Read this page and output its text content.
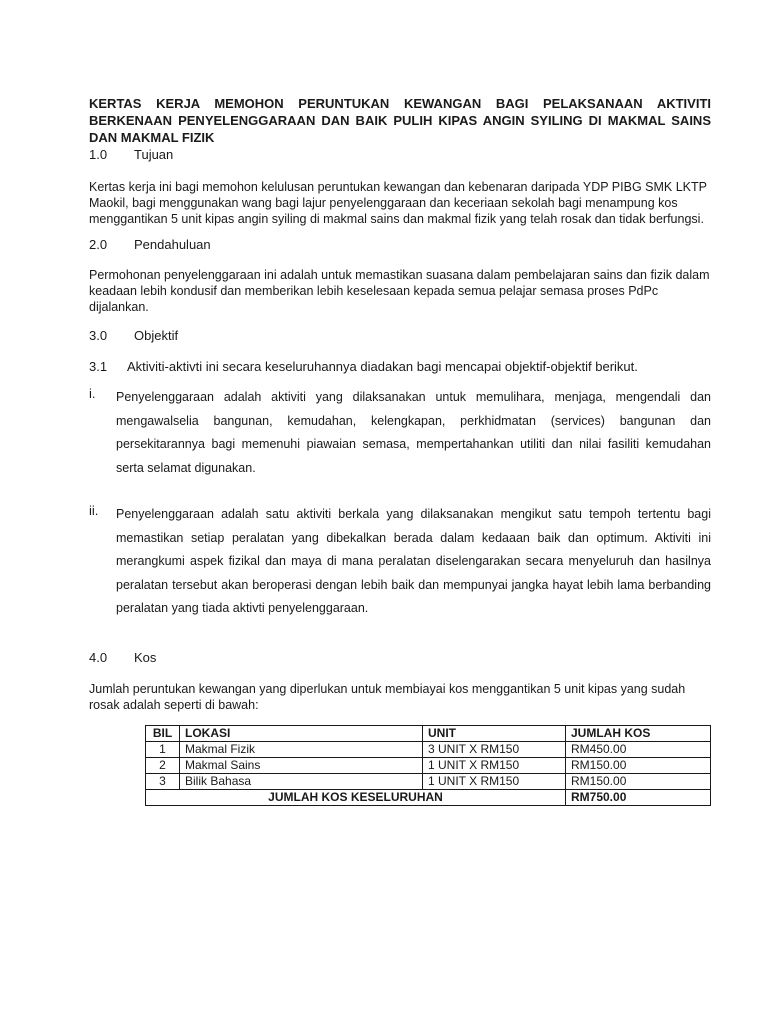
KERTAS KERJA MEMOHON PERUNTUKAN KEWANGAN BAGI PELAKSANAAN AKTIVITI BERKENAAN PENYELENGGARAAN DAN BAIK PULIH KIPAS ANGIN SYILING DI MAKMAL SAINS DAN MAKMAL FIZIK
1.0 Tujuan
Kertas kerja ini bagi memohon kelulusan peruntukan kewangan dan kebenaran daripada YDP PIBG SMK LKTP Maokil, bagi menggunakan wang bagi lajur penyelenggaraan dan keceriaan sekolah bagi menampung kos menggantikan 5 unit kipas angin syiling di makmal sains dan makmal fizik yang telah rosak dan tidak berfungsi.
2.0 Pendahuluan
Permohonan penyelenggaraan ini adalah untuk memastikan suasana dalam pembelajaran sains dan fizik dalam keadaan lebih kondusif dan memberikan lebih keselesaan kepada semua pelajar semasa proses PdPc dijalankan.
3.0 Objektif
3.1 Aktiviti-aktivti ini secara keseluruhannya diadakan bagi mencapai objektif-objektif berikut.
i. Penyelenggaraan adalah aktiviti yang dilaksanakan untuk memulihara, menjaga, mengendali dan mengawalselia bangunan, kemudahan, kelengkapan, perkhidmatan (services) bangunan dan persekitarannya bagi memenuhi piawaian semasa, mempertahankan utiliti dan nilai fasiliti kemudahan serta selamat digunakan.
ii. Penyelenggaraan adalah satu aktiviti berkala yang dilaksanakan mengikut satu tempoh tertentu bagi memastikan setiap peralatan yang dibekalkan berada dalam kedaaan baik dan optimum. Aktiviti ini merangkumi aspek fizikal dan maya di mana peralatan diselengarakan secara menyeluruh dan hasilnya peralatan tersebut akan beroperasi dengan lebih baik dan mempunyai jangka hayat lebih lama berbanding peralatan yang tiada aktivti penyelenggaraan.
4.0 Kos
Jumlah peruntukan kewangan yang diperlukan untuk membiayai kos menggantikan 5 unit kipas yang sudah rosak adalah seperti di bawah:
BIL	LOKASI	UNIT	JUMLAH KOS
1	Makmal Fizik	3 UNIT X RM150	RM450.00
2	Makmal Sains	1 UNIT X RM150	RM150.00
3	Bilik Bahasa	1 UNIT X RM150	RM150.00
JUMLAH KOS KESELURUHAN			RM750.00
